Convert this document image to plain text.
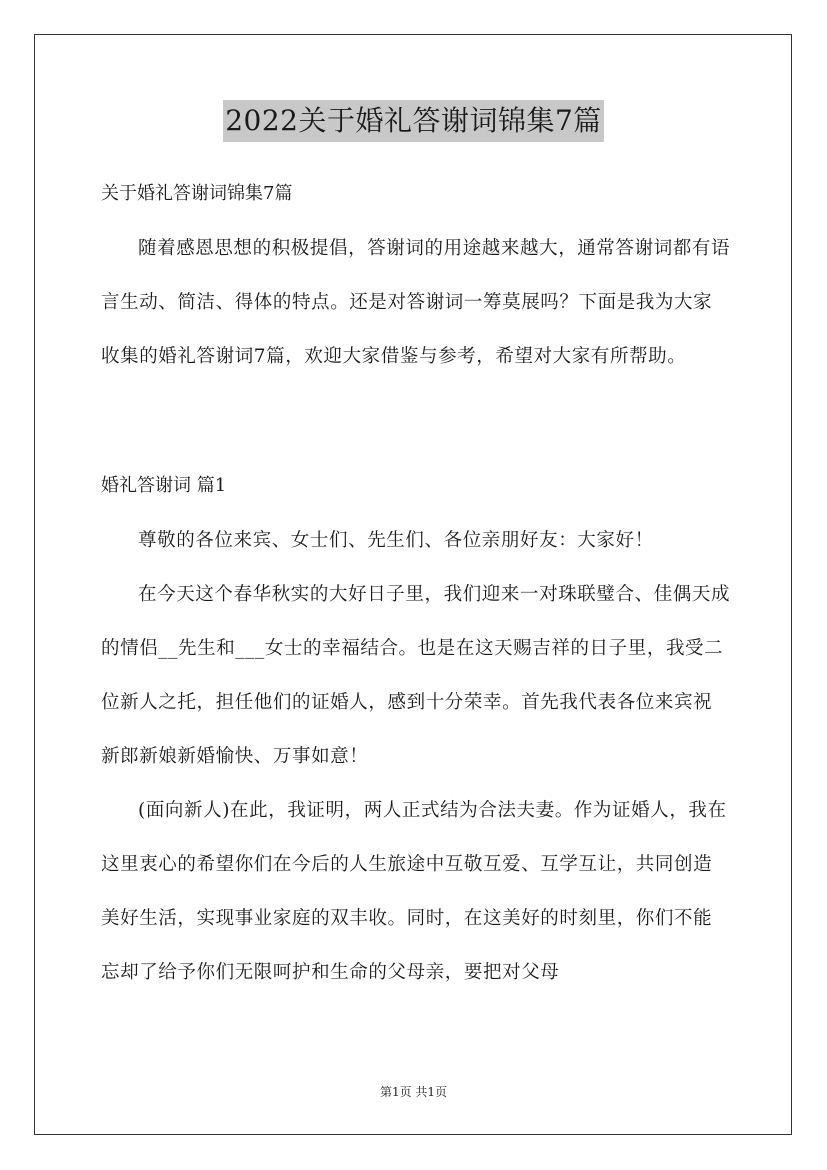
2022关于婚礼答谢词锦集7篇

关于婚礼答谢词锦集7篇

随着感恩思想的积极提倡，答谢词的用途越来越大，通常答谢词都有语言生动、简洁、得体的特点。还是对答谢词一筹莫展吗？下面是我为大家收集的婚礼答谢词7篇，欢迎大家借鉴与参考，希望对大家有所帮助。

婚礼答谢词 篇1

尊敬的各位来宾、女士们、先生们、各位亲朋好友：大家好！

在今天这个春华秋实的大好日子里，我们迎来一对珠联璧合、佳偶天成的情侣__先生和___女士的幸福结合。也是在这天赐吉祥的日子里，我受二位新人之托，担任他们的证婚人，感到十分荣幸。首先我代表各位来宾祝新郎新娘新婚愉快、万事如意！

(面向新人)在此，我证明，两人正式结为合法夫妻。作为证婚人，我在这里衷心的希望你们在今后的人生旅途中互敬互爱、互学互让，共同创造美好生活，实现事业家庭的双丰收。同时，在这美好的时刻里，你们不能忘却了给予你们无限呵护和生命的父母亲，要把对父母

第1页 共1页
